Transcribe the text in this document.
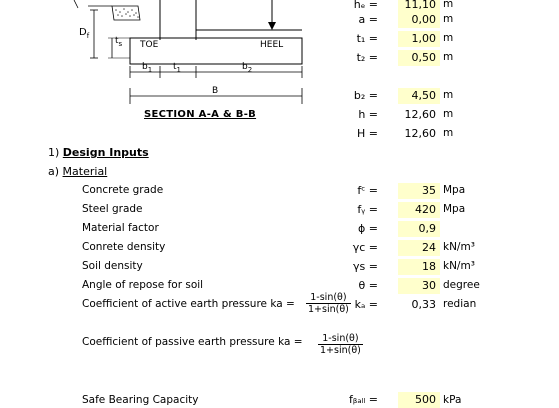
$D_f$	$t_s$ TOE	HEEL
$b_1$ $t_1$	$b_2$
B
SECTION A-A & B-B
hₑ =	11,10 m
a =	0,00 m
t₁ =	1,00 m
t₂ =	0,50 m
b₂ =	4,50 m
h =	12,60 m
H =	12,60 m
1) Design Inputs
a) Material
Concrete grade	fᶜ =	35 Mpa
Steel grade	fᵧ =	420 Mpa
Material factor	ϕ =	0,9
Conrete density	γc =	24 kN/m³
Soil density	γs =	18 kN/m³
Angle of repose for soil	θ =	30 degree
Coefficient of active earth pressure ka = $\frac{1-\sin(\theta)}{1+\sin(\theta)}$ kₐ =	0,33 redian
Coefficient of passive earth pressure ka = $\frac{1-\sin(\theta)}{1+\sin(\theta)}$
Safe Bearing Capacity	fᵦₐₗₗ =	500 kPa
